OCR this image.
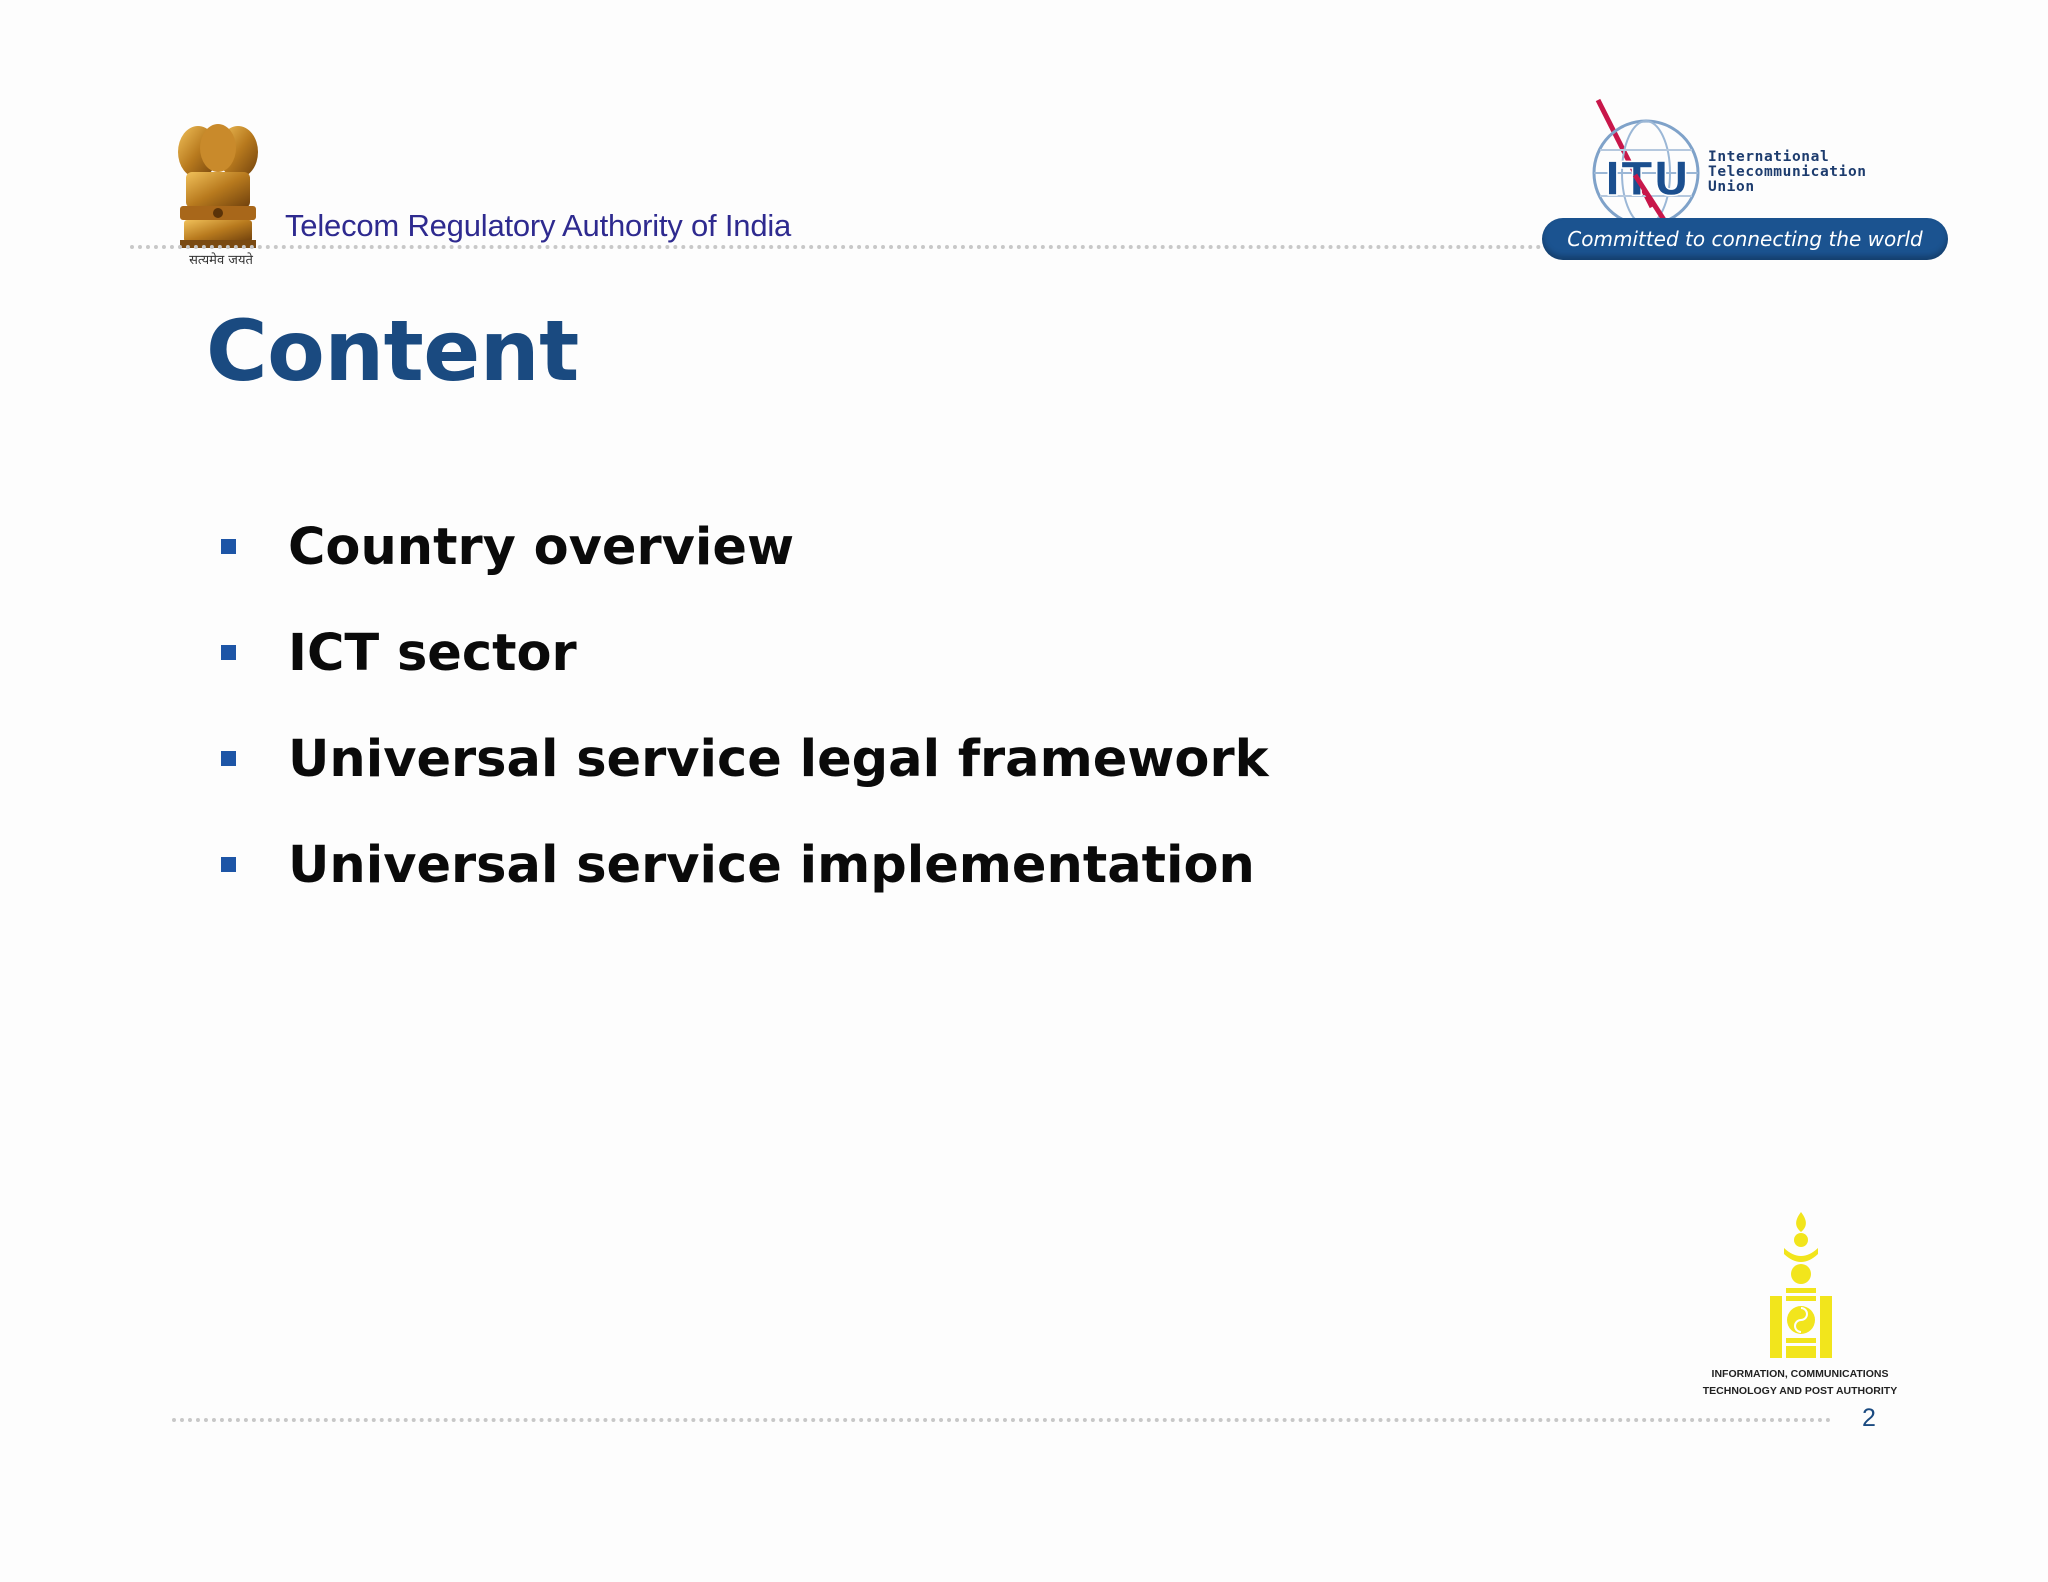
सत्यमेव जयते
Telecom Regulatory Authority of India
ITU International
Telecommunication
Union
Committed to connecting the world
Content
Country overview
ICT sector
Universal service legal framework
Universal service implementation
INFORMATION, COMMUNICATIONS
TECHNOLOGY AND POST AUTHORITY
2
